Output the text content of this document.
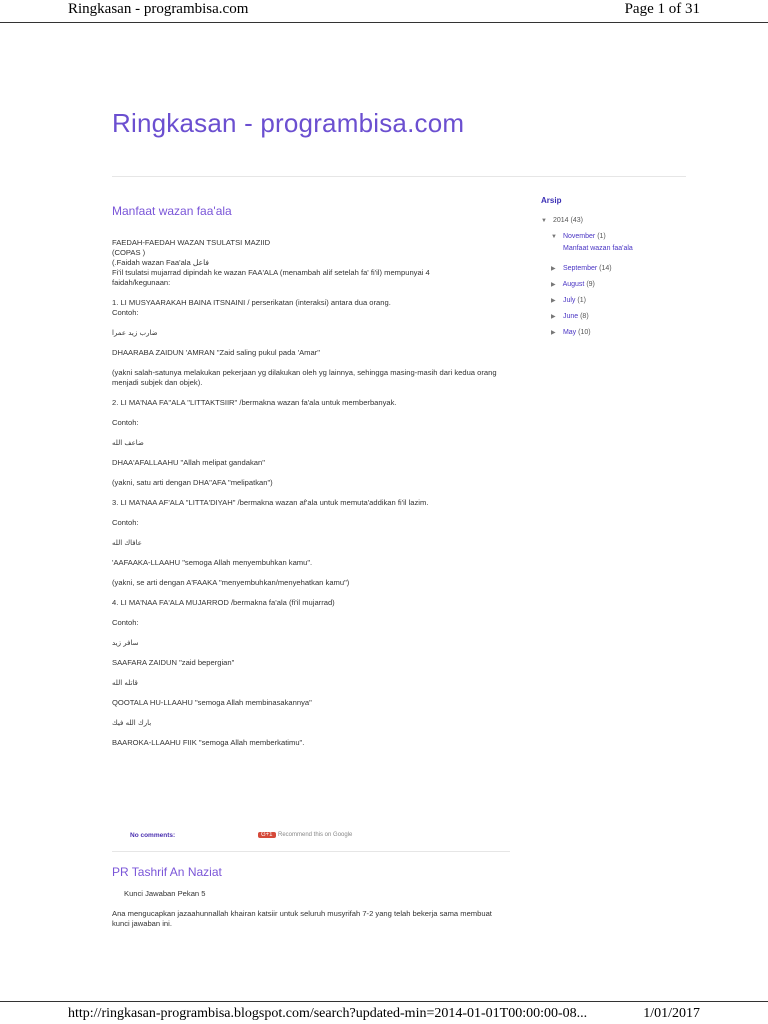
Ringkasan - programbisa.com	Page 1 of 31
Ringkasan - programbisa.com
Manfaat wazan faa'ala

FAEDAH-FAEDAH WAZAN TSULATSI MAZIID
(COPAS )
(.Faidah wazan Faa'ala فاعل
Fi'il tsulatsi mujarrad dipindah ke wazan FAA'ALA (menambah alif setelah fa' fi'il) mempunyai 4
faidah/kegunaan:

1. LI MUSYAARAKAH BAINA ITSNAINI / perserikatan (interaksi) antara dua orang.

Contoh:

ضارب زيد عمرا

DHAARABA ZAIDUN 'AMRAN "Zaid saling pukul pada 'Amar"

(yakni salah-satunya melakukan pekerjaan yg dilakukan oleh yg lainnya, sehingga masing-masih dari kedua orang menjadi subjek dan objek).

2. LI MA'NAA FA''ALA "LITTAKTSIIR" /bermakna wazan fa'ala untuk memberbanyak.

Contoh:

ضاعف الله

DHAA'AFALLAAHU "Allah melipat gandakan"

(yakni, satu arti dengan DHA''AFA "melipatkan")

3. LI MA'NAA AF'ALA "LITTA'DIYAH" /bermakna wazan af'ala untuk memuta'addikan fi'il lazim.

Contoh:

عافاك الله

'AAFAAKA-LLAAHU "semoga Allah menyembuhkan kamu".

(yakni, se arti dengan A'FAAKA "menyembuhkan/menyehatkan kamu")

4. LI MA'NAA FA'ALA MUJARROD /bermakna fa'ala (fi'il mujarrad)

Contoh:

سافر زيد

SAAFARA ZAIDUN "zaid bepergian"

قاتله الله

QOOTALA HU-LLAAHU "semoga Allah membinasakannya"

بارك الله فيك

BAAROKA-LLAAHU FIIK "semoga Allah memberkatimu".

No comments:	G+1 Recommend this on Google
PR Tashrif An Naziat

Kunci Jawaban Pekan 5

Ana mengucapkan jazaahunnallah khairan katsiir untuk seluruh musyrifah 7-2 yang telah bekerja sama membuat kunci jawaban ini.

Arsip
▼ 2014 (43)
▼ November (1)
Manfaat wazan faa'ala
▶ September (14)
▶ August (9)
▶ July (1)
▶ June (8)
▶ May (10)
http://ringkasan-programbisa.blogspot.com/search?updated-min=2014-01-01T00:00:00-08...	1/01/2017
